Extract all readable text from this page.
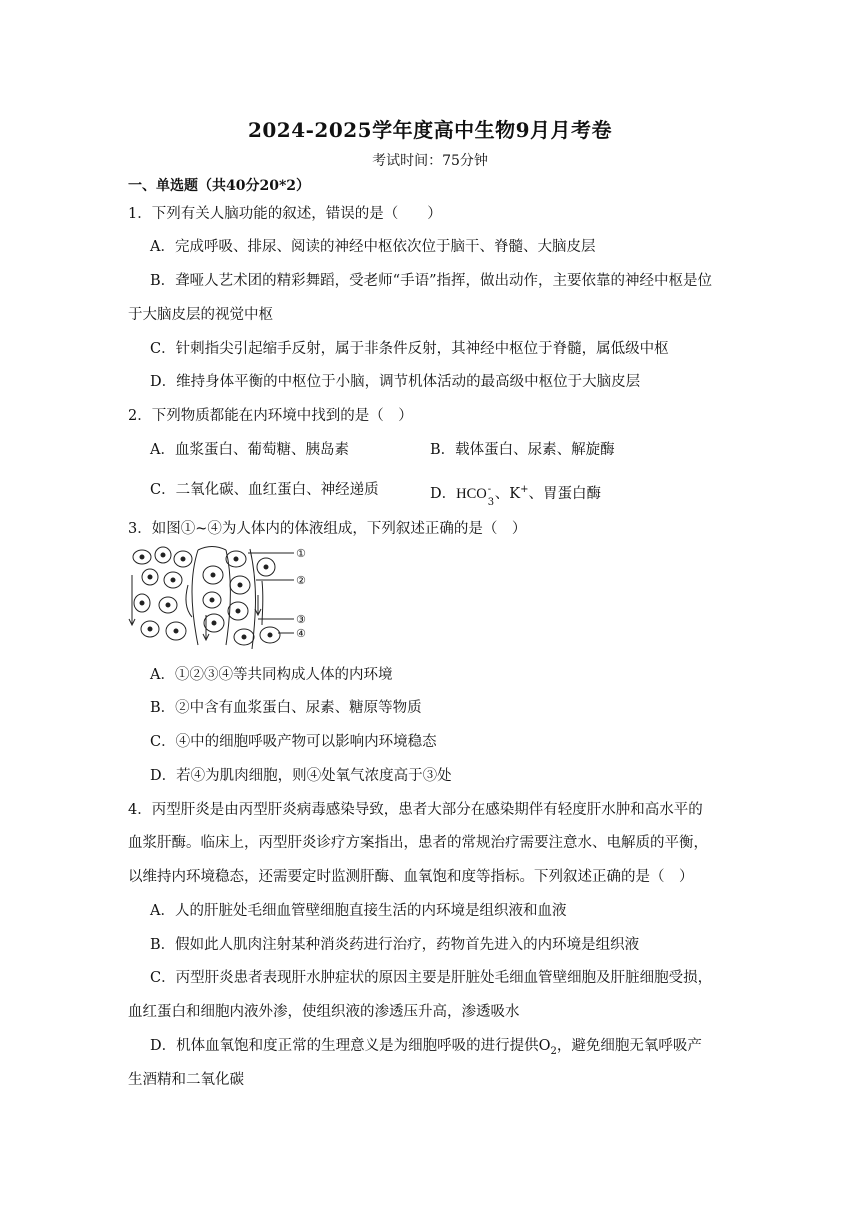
2024-2025学年度高中生物9月月考卷
考试时间：75分钟
一、单选题（共40分20*2）
1．下列有关人脑功能的叙述，错误的是（　　）
A．完成呼吸、排尿、阅读的神经中枢依次位于脑干、脊髓、大脑皮层
B．聋哑人艺术团的精彩舞蹈，受老师“手语”指挥，做出动作，主要依靠的神经中枢是位
于大脑皮层的视觉中枢
C．针刺指尖引起缩手反射，属于非条件反射，其神经中枢位于脊髓，属低级中枢
D．维持身体平衡的中枢位于小脑，调节机体活动的最高级中枢位于大脑皮层
2．下列物质都能在内环境中找到的是（　）
A．血浆蛋白、葡萄糖、胰岛素	B．载体蛋白、尿素、解旋酶
C．二氧化碳、血红蛋白、神经递质	D．HCO -
3
、K+、胃蛋白酶
3．如图①~④为人体内的体液组成，下列叙述正确的是（　）
①
②
③
④
A．①②③④等共同构成人体的内环境
B．②中含有血浆蛋白、尿素、糖原等物质
C．④中的细胞呼吸产物可以影响内环境稳态
D．若④为肌肉细胞，则④处氧气浓度高于③处
4．丙型肝炎是由丙型肝炎病毒感染导致，患者大部分在感染期伴有轻度肝水肿和高水平的
血浆肝酶。临床上，丙型肝炎诊疗方案指出，患者的常规治疗需要注意水、电解质的平衡，
以维持内环境稳态，还需要定时监测肝酶、血氧饱和度等指标。下列叙述正确的是（　）
A．人的肝脏处毛细血管壁细胞直接生活的内环境是组织液和血液
B．假如此人肌肉注射某种消炎药进行治疗，药物首先进入的内环境是组织液
C．丙型肝炎患者表现肝水肿症状的原因主要是肝脏处毛细血管壁细胞及肝脏细胞受损，
血红蛋白和细胞内液外渗，使组织液的渗透压升高，渗透吸水
D．机体血氧饱和度正常的生理意义是为细胞呼吸的进行提供$O_2$，避免细胞无氧呼吸产
生酒精和二氧化碳
